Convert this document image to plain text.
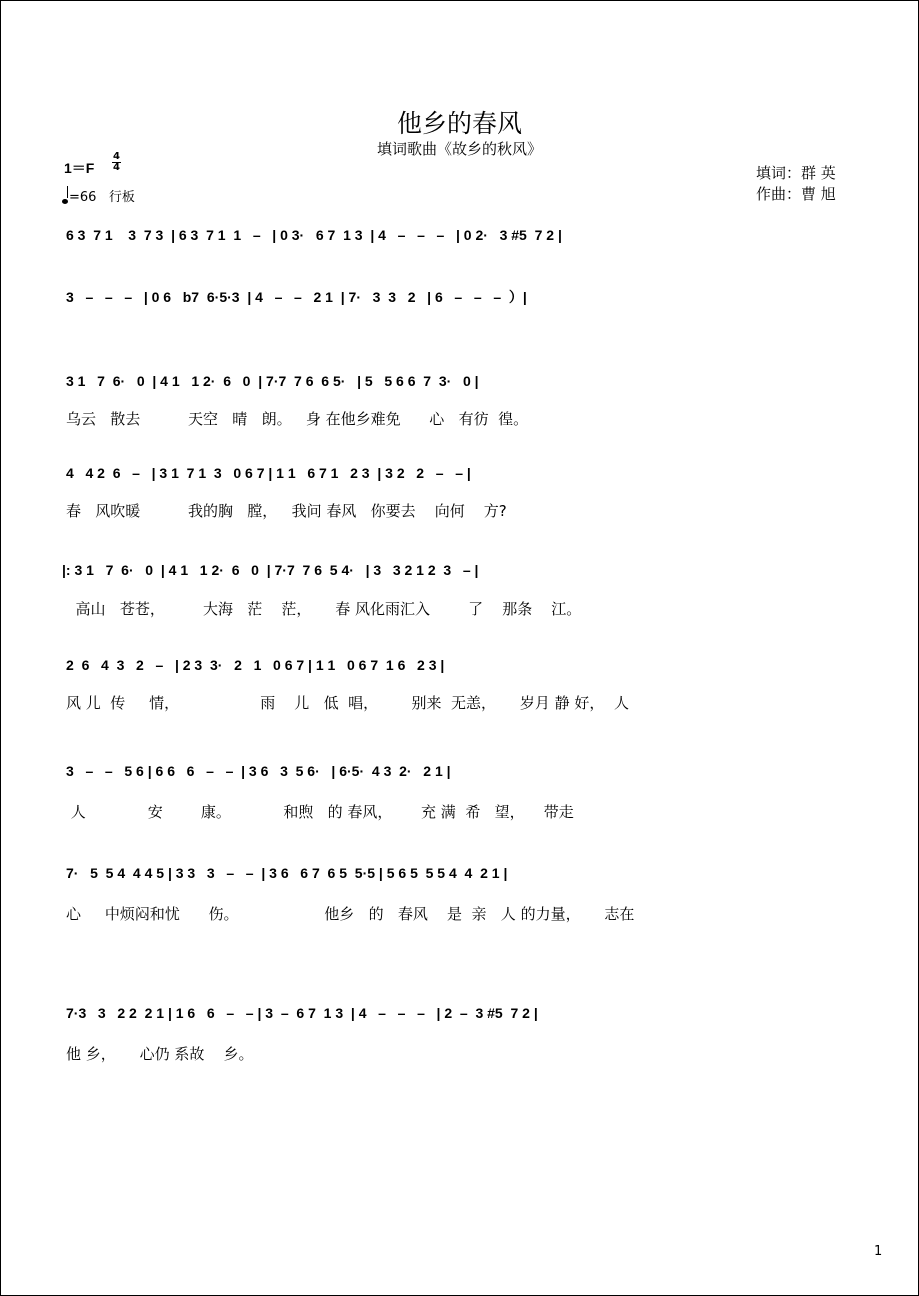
他乡的春风
填词歌曲《故乡的秋风》
1＝F
4
4
=66 行板
填词：群 英
作曲：曹 旭
6 3  7 1    3  7 3  | 6 3  7 1  1   –   | 0 3·   6 7  1 3  | 4   –   –   –   | 0 2·   3 #5  7 2 |
3   –   –   –   | 0 6   b7  6·5·3  | 4   –   –   2 1  | 7·   3  3   2   | 6   –   –   –  ）|
3 1   7  6·   0  | 4 1   1 2·  6   0  | 7·7  7 6  6 5·   | 5   5 6 6  7  3·   0 |
乌云   散去          天空   晴   朗。   身 在他乡难免      心   有彷  徨。
4   4 2  6   –   | 3 1  7 1  3   0 6 7 | 1 1   6 7 1   2 3  | 3 2   2   –   – |
春   风吹暖          我的胸   膛，   我问 春风   你要去    向何    方?
|: 3 1   7  6·   0  | 4 1   1 2·  6   0  | 7·7  7 6  5 4·   | 3   3 2 1 2  3   – |
高山   苍苍，        大海   茫    茫，     春 风化雨汇入        了    那条    江。
2  6   4  3   2   –   | 2 3  3·   2   1   0 6 7 | 1 1   0 6 7  1 6   2 3 |
风 儿  传     情，                 雨    儿   低  唱，       别来  无恙，     岁月 静 好，  人
3   –   –   5 6 | 6 6   6   –   –  | 3 6   3  5 6·   | 6·5·  4 3  2·   2 1 |
人             安        康。           和煦   的 春风，      充 满  希   望，    带走
7·   5  5 4  4 4 5 | 3 3   3   –   –  | 3 6   6 7  6 5  5·5 | 5 6 5  5 5 4  4  2 1 |
心     中烦闷和忧      伤。                  他乡   的   春风    是  亲   人 的力量，     志在
7·3   3   2 2  2 1 | 1 6   6   –   – | 3  –  6 7  1 3  | 4   –   –   –   | 2  –  3 #5  7 2 |
他 乡，     心仍 系故    乡。
1
